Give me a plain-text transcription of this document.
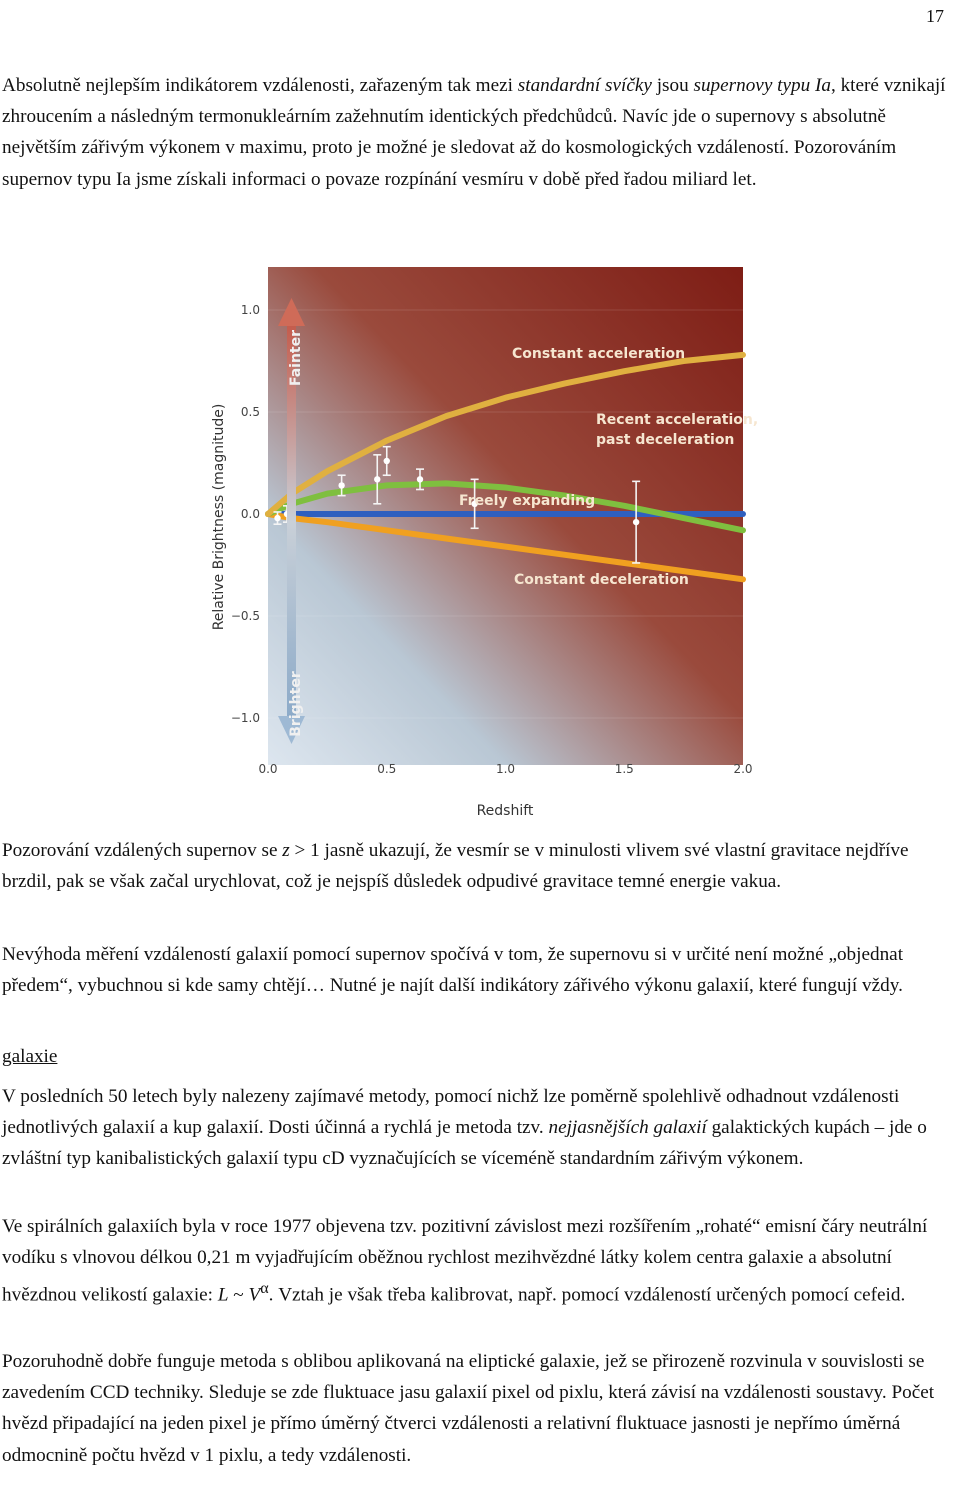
17

Absolutně nejlepším indikátorem vzdálenosti, zařazeným tak mezi standardní svíčky jsou supernovy typu Ia, které vznikají zhroucením a následným termonukleárním zažehnutím identických předchůdců. Navíc jde o supernovy s absolutně největším zářivým výkonem v maximu, proto je možné je sledovat až do kosmologických vzdáleností. Pozorováním supernov typu Ia jsme získali informaci o povaze rozpínání vesmíru v době před řadou miliard let.

1.0
0.5
0.0
−0.5
−1.0
0.0	0.5	1.0	1.5	2.0
Constant acceleration
Recent acceleration, past deceleration
Freely expanding
Constant deceleration
Fainter
Brighter
Relative Brightness (magnitude)
Redshift

Pozorování vzdálených supernov se z > 1 jasně ukazují, že vesmír se v minulosti vlivem své vlastní gravitace nejdříve brzdil, pak se však začal urychlovat, což je nejspíš důsledek odpudivé gravitace temné energie vakua.

Nevýhoda měření vzdáleností galaxií pomocí supernov spočívá v tom, že supernovu si v určité není možné „objednat předem“, vybuchnou si kde samy chtějí… Nutné je najít další indikátory zářivého výkonu galaxií, které fungují vždy.

galaxie

V posledních 50 letech byly nalezeny zajímavé metody, pomocí nichž lze poměrně spolehlivě odhadnout vzdálenosti jednotlivých galaxií a kup galaxií. Dosti účinná a rychlá je metoda tzv. nejjasnějších galaxií galaktických kupách – jde o zvláštní typ kanibalistických galaxií typu cD vyznačujících se víceméně standardním zářivým výkonem.

Ve spirálních galaxiích byla v roce 1977 objevena tzv. pozitivní závislost mezi rozšířením „rohaté“ emisní čáry neutrální vodíku s vlnovou délkou 0,21 m vyjadřujícím oběžnou rychlost mezihvězdné látky kolem centra galaxie a absolutní hvězdnou velikostí galaxie: L ~ $V^\alpha$. Vztah je však třeba kalibrovat, např. pomocí vzdáleností určených pomocí cefeid.

Pozoruhodně dobře funguje metoda s oblibou aplikovaná na eliptické galaxie, jež se přirozeně rozvinula v souvislosti se zavedením CCD techniky. Sleduje se zde fluktuace jasu galaxií pixel od pixlu, která závisí na vzdálenosti soustavy. Počet hvězd připadající na jeden pixel je přímo úměrný čtverci vzdálenosti a relativní fluktuace jasnosti je nepřímo úměrná odmocnině počtu hvězd v 1 pixlu, a tedy vzdálenosti.
